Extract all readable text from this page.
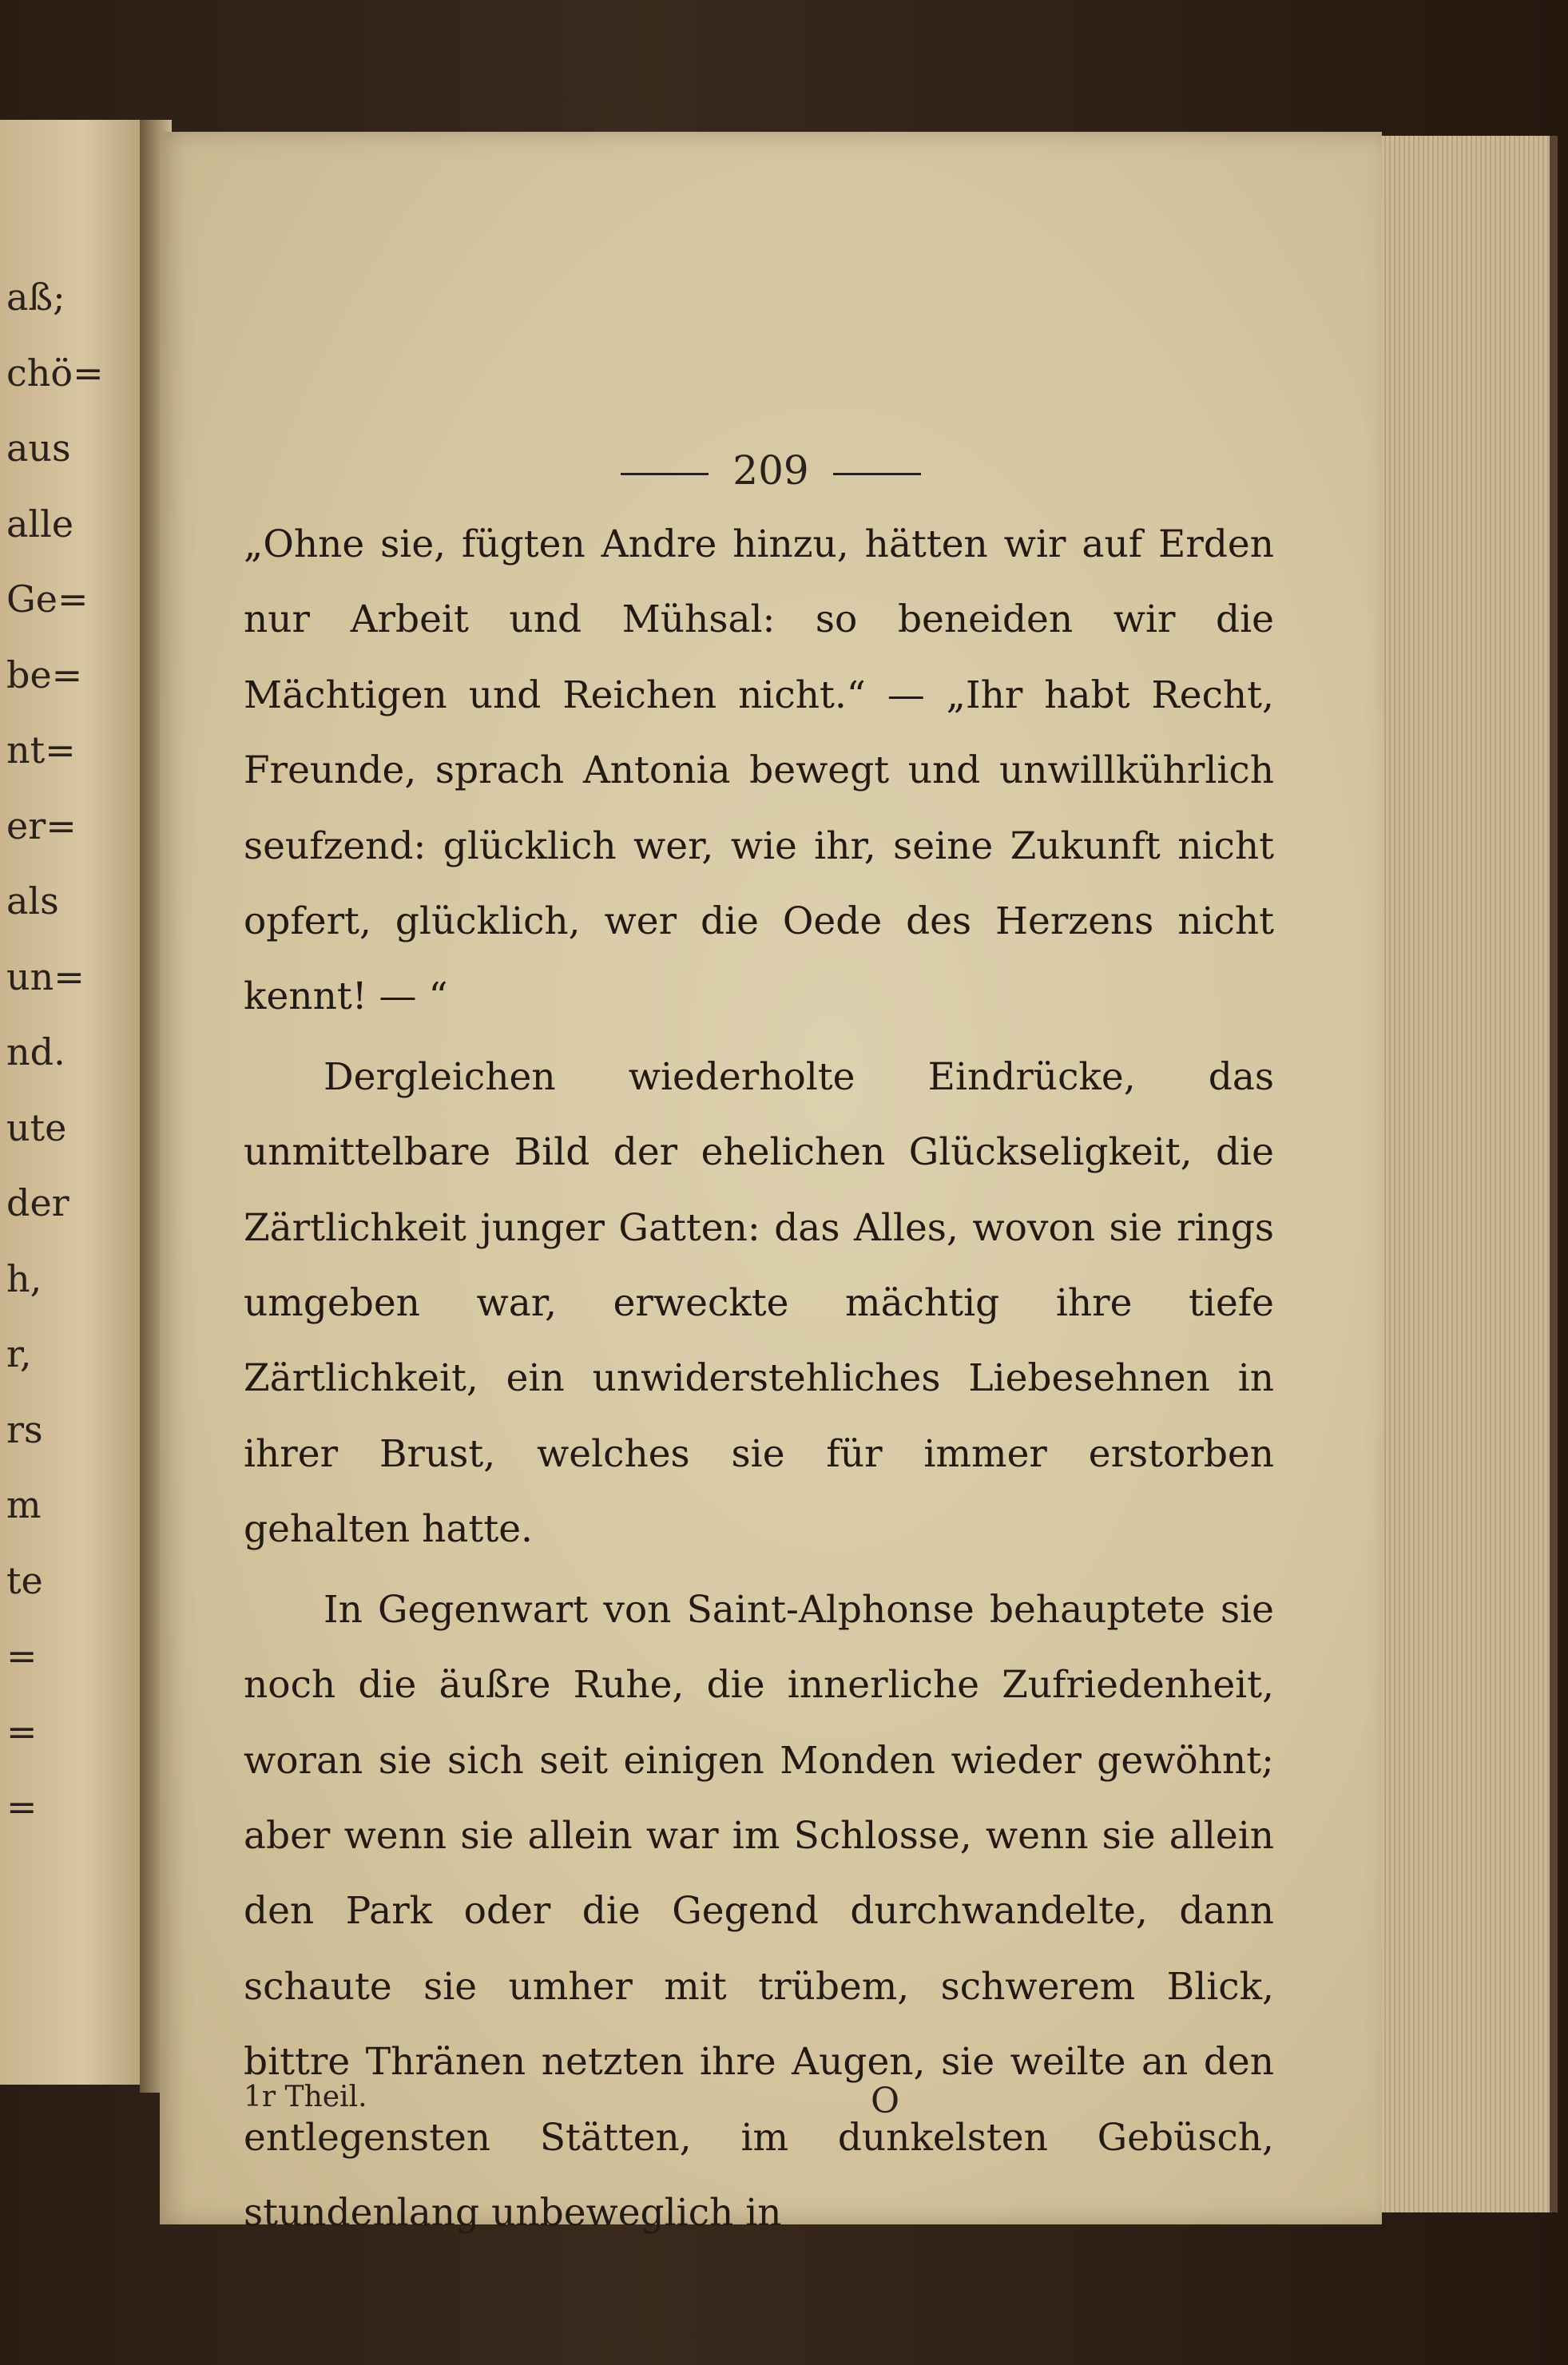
aß;
chö=
aus
alle
Ge=
be=
nt=
er=
als
un=
nd.
ute
der
h,
r,
rs
m
te
=
=
=
209

„Ohne sie, fügten Andre hinzu, hätten wir auf Erden nur Arbeit und Mühsal: so beneiden wir die Mächtigen und Reichen nicht.“ — „Ihr habt Recht, Freunde, sprach Antonia bewegt und unwillkührlich seufzend: glücklich wer, wie ihr, seine Zukunft nicht opfert, glücklich, wer die Oede des Herzens nicht kennt! — “

Dergleichen wiederholte Eindrücke, das unmittelbare Bild der ehelichen Glückseligkeit, die Zärtlichkeit junger Gatten: das Alles, wovon sie rings umgeben war, erweckte mächtig ihre tiefe Zärtlichkeit, ein unwiderstehliches Liebesehnen in ihrer Brust, welches sie für immer erstorben gehalten hatte.

In Gegenwart von Saint-Alphonse behauptete sie noch die äußre Ruhe, die innerliche Zufriedenheit, woran sie sich seit einigen Monden wieder gewöhnt; aber wenn sie allein war im Schlosse, wenn sie allein den Park oder die Gegend durchwandelte, dann schaute sie umher mit trübem, schwerem Blick, bittre Thränen netzten ihre Augen, sie weilte an den entlegensten Stätten, im dunkelsten Gebüsch, stundenlang unbeweglich in

1r Theil.	O
